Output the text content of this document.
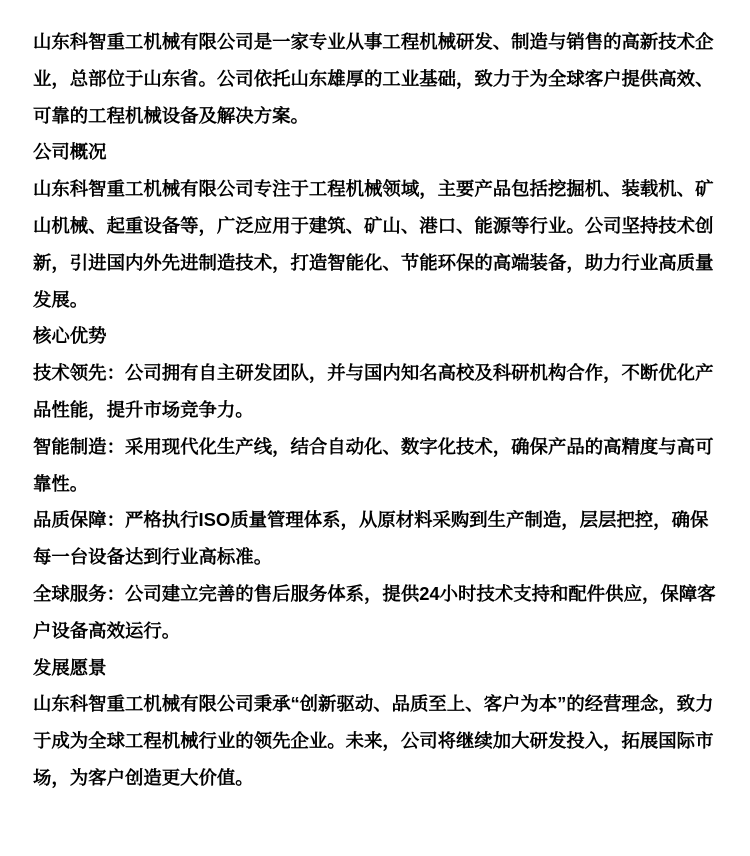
山东科智重工机械有限公司是一家专业从事工程机械研发、制造与销售的高新技术企业，总部位于山东省。公司依托山东雄厚的工业基础，致力于为全球客户提供高效、可靠的工程机械设备及解决方案。

公司概况

山东科智重工机械有限公司专注于工程机械领域，主要产品包括挖掘机、装载机、矿山机械、起重设备等，广泛应用于建筑、矿山、港口、能源等行业。公司坚持技术创新，引进国内外先进制造技术，打造智能化、节能环保的高端装备，助力行业高质量发展。

核心优势

技术领先：公司拥有自主研发团队，并与国内知名高校及科研机构合作，不断优化产品性能，提升市场竞争力。

智能制造：采用现代化生产线，结合自动化、数字化技术，确保产品的高精度与高可靠性。

品质保障：严格执行ISO质量管理体系，从原材料采购到生产制造，层层把控，确保每一台设备达到行业高标准。

全球服务：公司建立完善的售后服务体系，提供24小时技术支持和配件供应，保障客户设备高效运行。

发展愿景

山东科智重工机械有限公司秉承“创新驱动、品质至上、客户为本”的经营理念，致力于成为全球工程机械行业的领先企业。未来，公司将继续加大研发投入，拓展国际市场，为客户创造更大价值。
